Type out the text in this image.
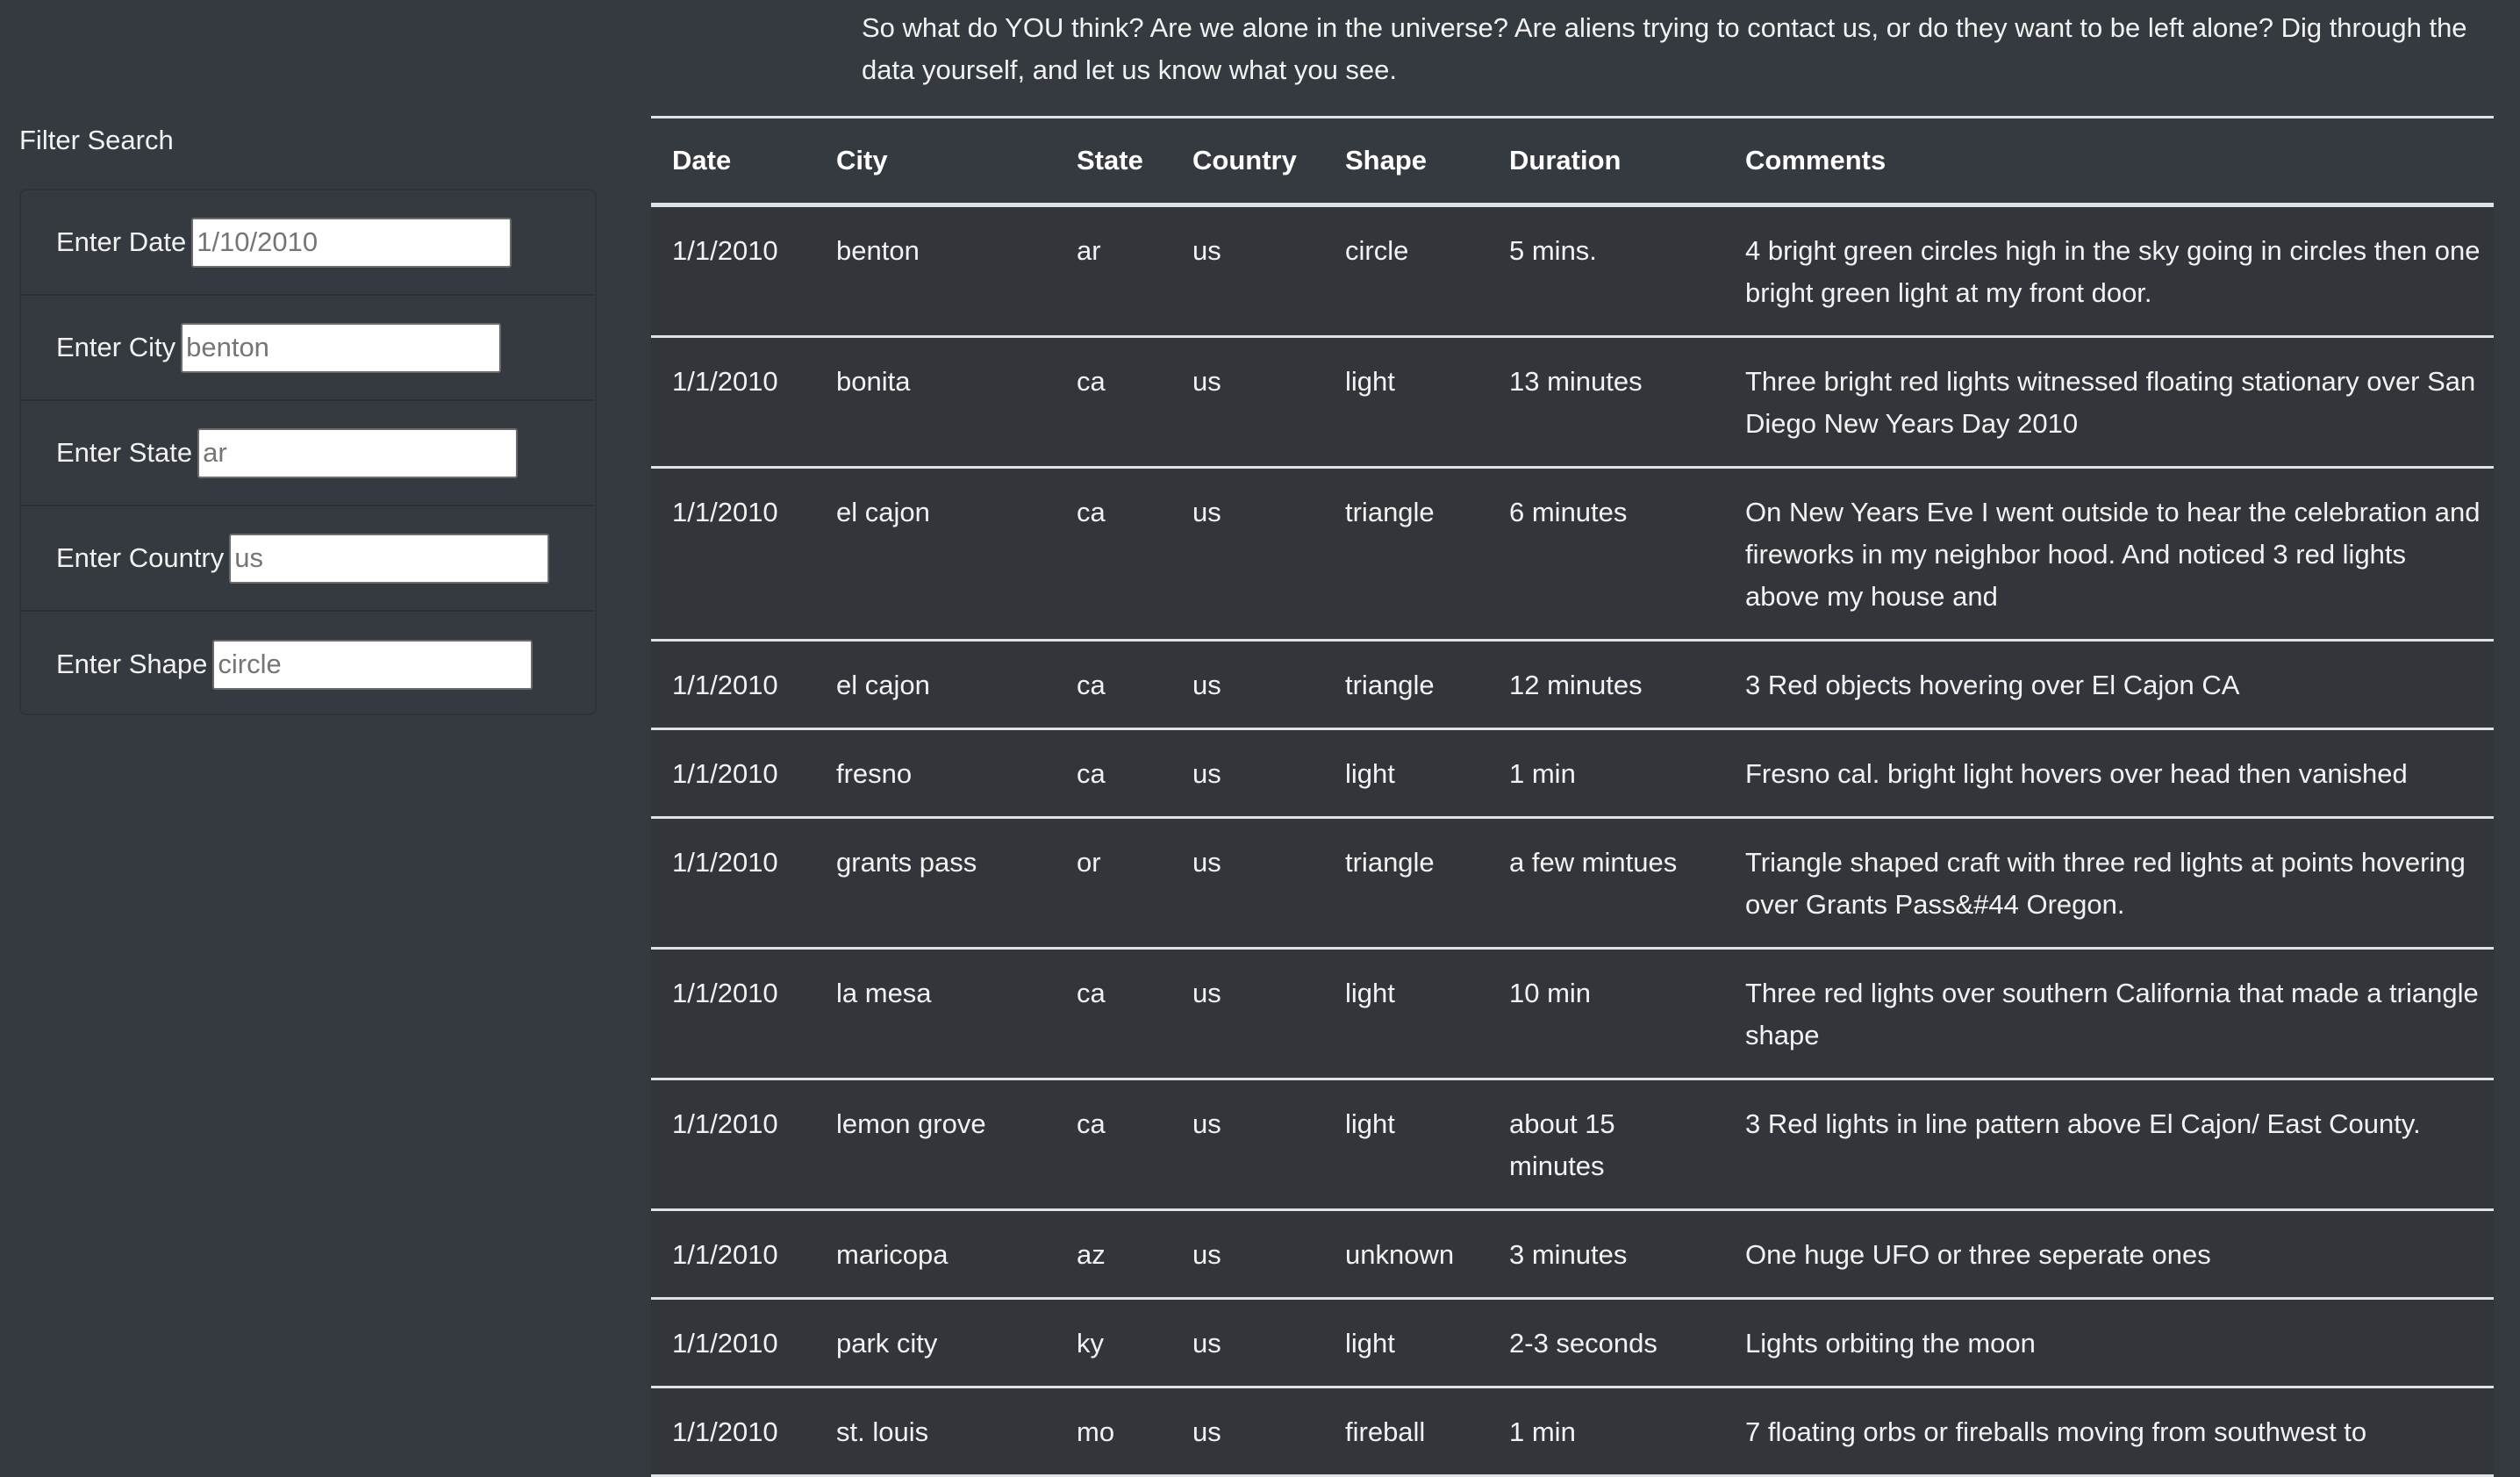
Filter Search
Enter Date
1/10/2010
Enter City
benton
Enter State
ar
Enter Country
us
Enter Shape
circle

So what do YOU think? Are we alone in the universe? Are aliens trying to contact us, or do they want to be left alone? Dig through the data yourself, and let us know what you see.

Date	City	State	Country	Shape	Duration	Comments
1/1/2010	benton	ar	us	circle	5 mins.	4 bright green circles high in the sky going in circles then one bright green light at my front door.
1/1/2010	bonita	ca	us	light	13 minutes	Three bright red lights witnessed floating stationary over San Diego New Years Day 2010
1/1/2010	el cajon	ca	us	triangle	6 minutes	On New Years Eve I went outside to hear the celebration and fireworks in my neighbor hood. And noticed 3 red lights above my house and
1/1/2010	el cajon	ca	us	triangle	12 minutes	3 Red objects hovering over El Cajon CA
1/1/2010	fresno	ca	us	light	1 min	Fresno cal. bright light hovers over head then vanished
1/1/2010	grants pass	or	us	triangle	a few mintues	Triangle shaped craft with three red lights at points hovering over Grants Pass&#44 Oregon.
1/1/2010	la mesa	ca	us	light	10 min	Three red lights over southern California that made a triangle shape
1/1/2010	lemon grove	ca	us	light	about 15 minutes	3 Red lights in line pattern above El Cajon/ East County.
1/1/2010	maricopa	az	us	unknown	3 minutes	One huge UFO or three seperate ones
1/1/2010	park city	ky	us	light	2-3 seconds	Lights orbiting the moon
1/1/2010	st. louis	mo	us	fireball	1 min	7 floating orbs or fireballs moving from southwest to
